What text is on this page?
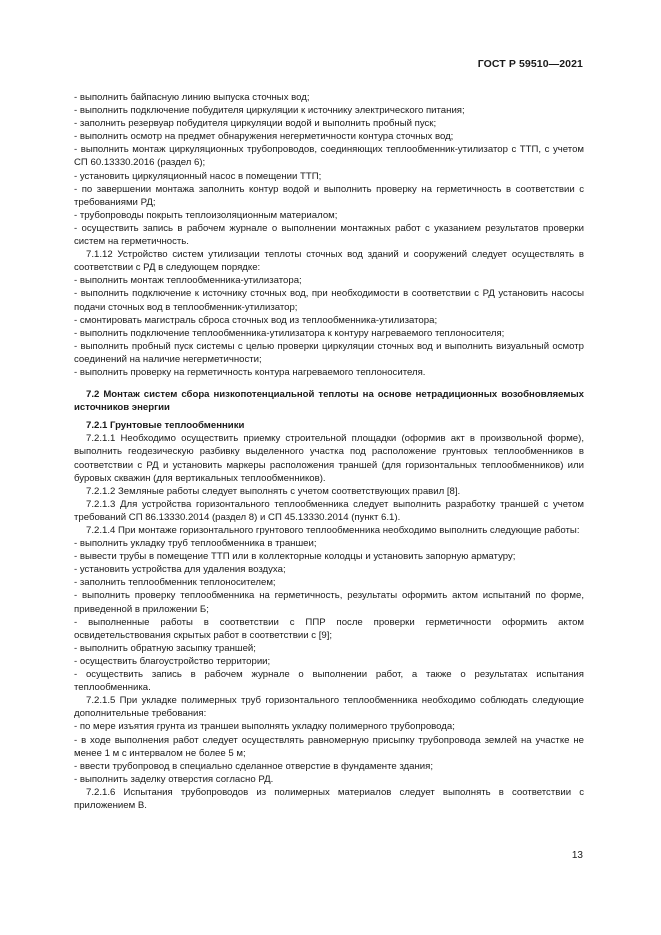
ГОСТ Р 59510—2021

- выполнить байпасную линию выпуска сточных вод;

- выполнить подключение побудителя циркуляции к источнику электрического питания;

- заполнить резервуар побудителя циркуляции водой и выполнить пробный пуск;

- выполнить осмотр на предмет обнаружения негерметичности контура сточных вод;

- выполнить монтаж циркуляционных трубопроводов, соединяющих теплообменник-утилизатор с ТТП, с учетом СП 60.13330.2016 (раздел 6);

- установить циркуляционный насос в помещении ТТП;

- по завершении монтажа заполнить контур водой и выполнить проверку на герметичность в соответствии с требованиями РД;

- трубопроводы покрыть теплоизоляционным материалом;

- осуществить запись в рабочем журнале о выполнении монтажных работ с указанием результатов проверки систем на герметичность.

7.1.12 Устройство систем утилизации теплоты сточных вод зданий и сооружений следует осуществлять в соответствии с РД в следующем порядке:

- выполнить монтаж теплообменника-утилизатора;

- выполнить подключение к источнику сточных вод, при необходимости в соответствии с РД установить насосы подачи сточных вод в теплообменник-утилизатор;

- смонтировать магистраль сброса сточных вод из теплообменника-утилизатора;

- выполнить подключение теплообменника-утилизатора к контуру нагреваемого теплоносителя;

- выполнить пробный пуск системы с целью проверки циркуляции сточных вод и выполнить визуальный осмотр соединений на наличие негерметичности;

- выполнить проверку на герметичность контура нагреваемого теплоносителя.

7.2 Монтаж систем сбора низкопотенциальной теплоты на основе нетрадиционных возобновляемых источников энергии

7.2.1 Грунтовые теплообменники

7.2.1.1 Необходимо осуществить приемку строительной площадки (оформив акт в произвольной форме), выполнить геодезическую разбивку выделенного участка под расположение грунтовых теплообменников в соответствии с РД и установить маркеры расположения траншей (для горизонтальных теплообменников) или буровых скважин (для вертикальных теплообменников).

7.2.1.2 Земляные работы следует выполнять с учетом соответствующих правил [8].

7.2.1.3 Для устройства горизонтального теплообменника следует выполнить разработку траншей с учетом требований СП 86.13330.2014 (раздел 8) и СП 45.13330.2014 (пункт 6.1).

7.2.1.4 При монтаже горизонтального грунтового теплообменника необходимо выполнить следующие работы:

- выполнить укладку труб теплообменника в траншеи;

- вывести трубы в помещение ТТП или в коллекторные колодцы и установить запорную арматуру;

- установить устройства для удаления воздуха;

- заполнить теплообменник теплоносителем;

- выполнить проверку теплообменника на герметичность, результаты оформить актом испытаний по форме, приведенной в приложении Б;

- выполненные работы в соответствии с ППР после проверки герметичности оформить актом освидетельствования скрытых работ в соответствии с [9];

- выполнить обратную засыпку траншей;

- осуществить благоустройство территории;

- осуществить запись в рабочем журнале о выполнении работ, а также о результатах испытания теплообменника.

7.2.1.5 При укладке полимерных труб горизонтального теплообменника необходимо соблюдать следующие дополнительные требования:

- по мере изъятия грунта из траншеи выполнять укладку полимерного трубопровода;

- в ходе выполнения работ следует осуществлять равномерную присыпку трубопровода землей на участке не менее 1 м с интервалом не более 5 м;

- ввести трубопровод в специально сделанное отверстие в фундаменте здания;

- выполнить заделку отверстия согласно РД.

7.2.1.6 Испытания трубопроводов из полимерных материалов следует выполнять в соответствии с приложением В.

13
